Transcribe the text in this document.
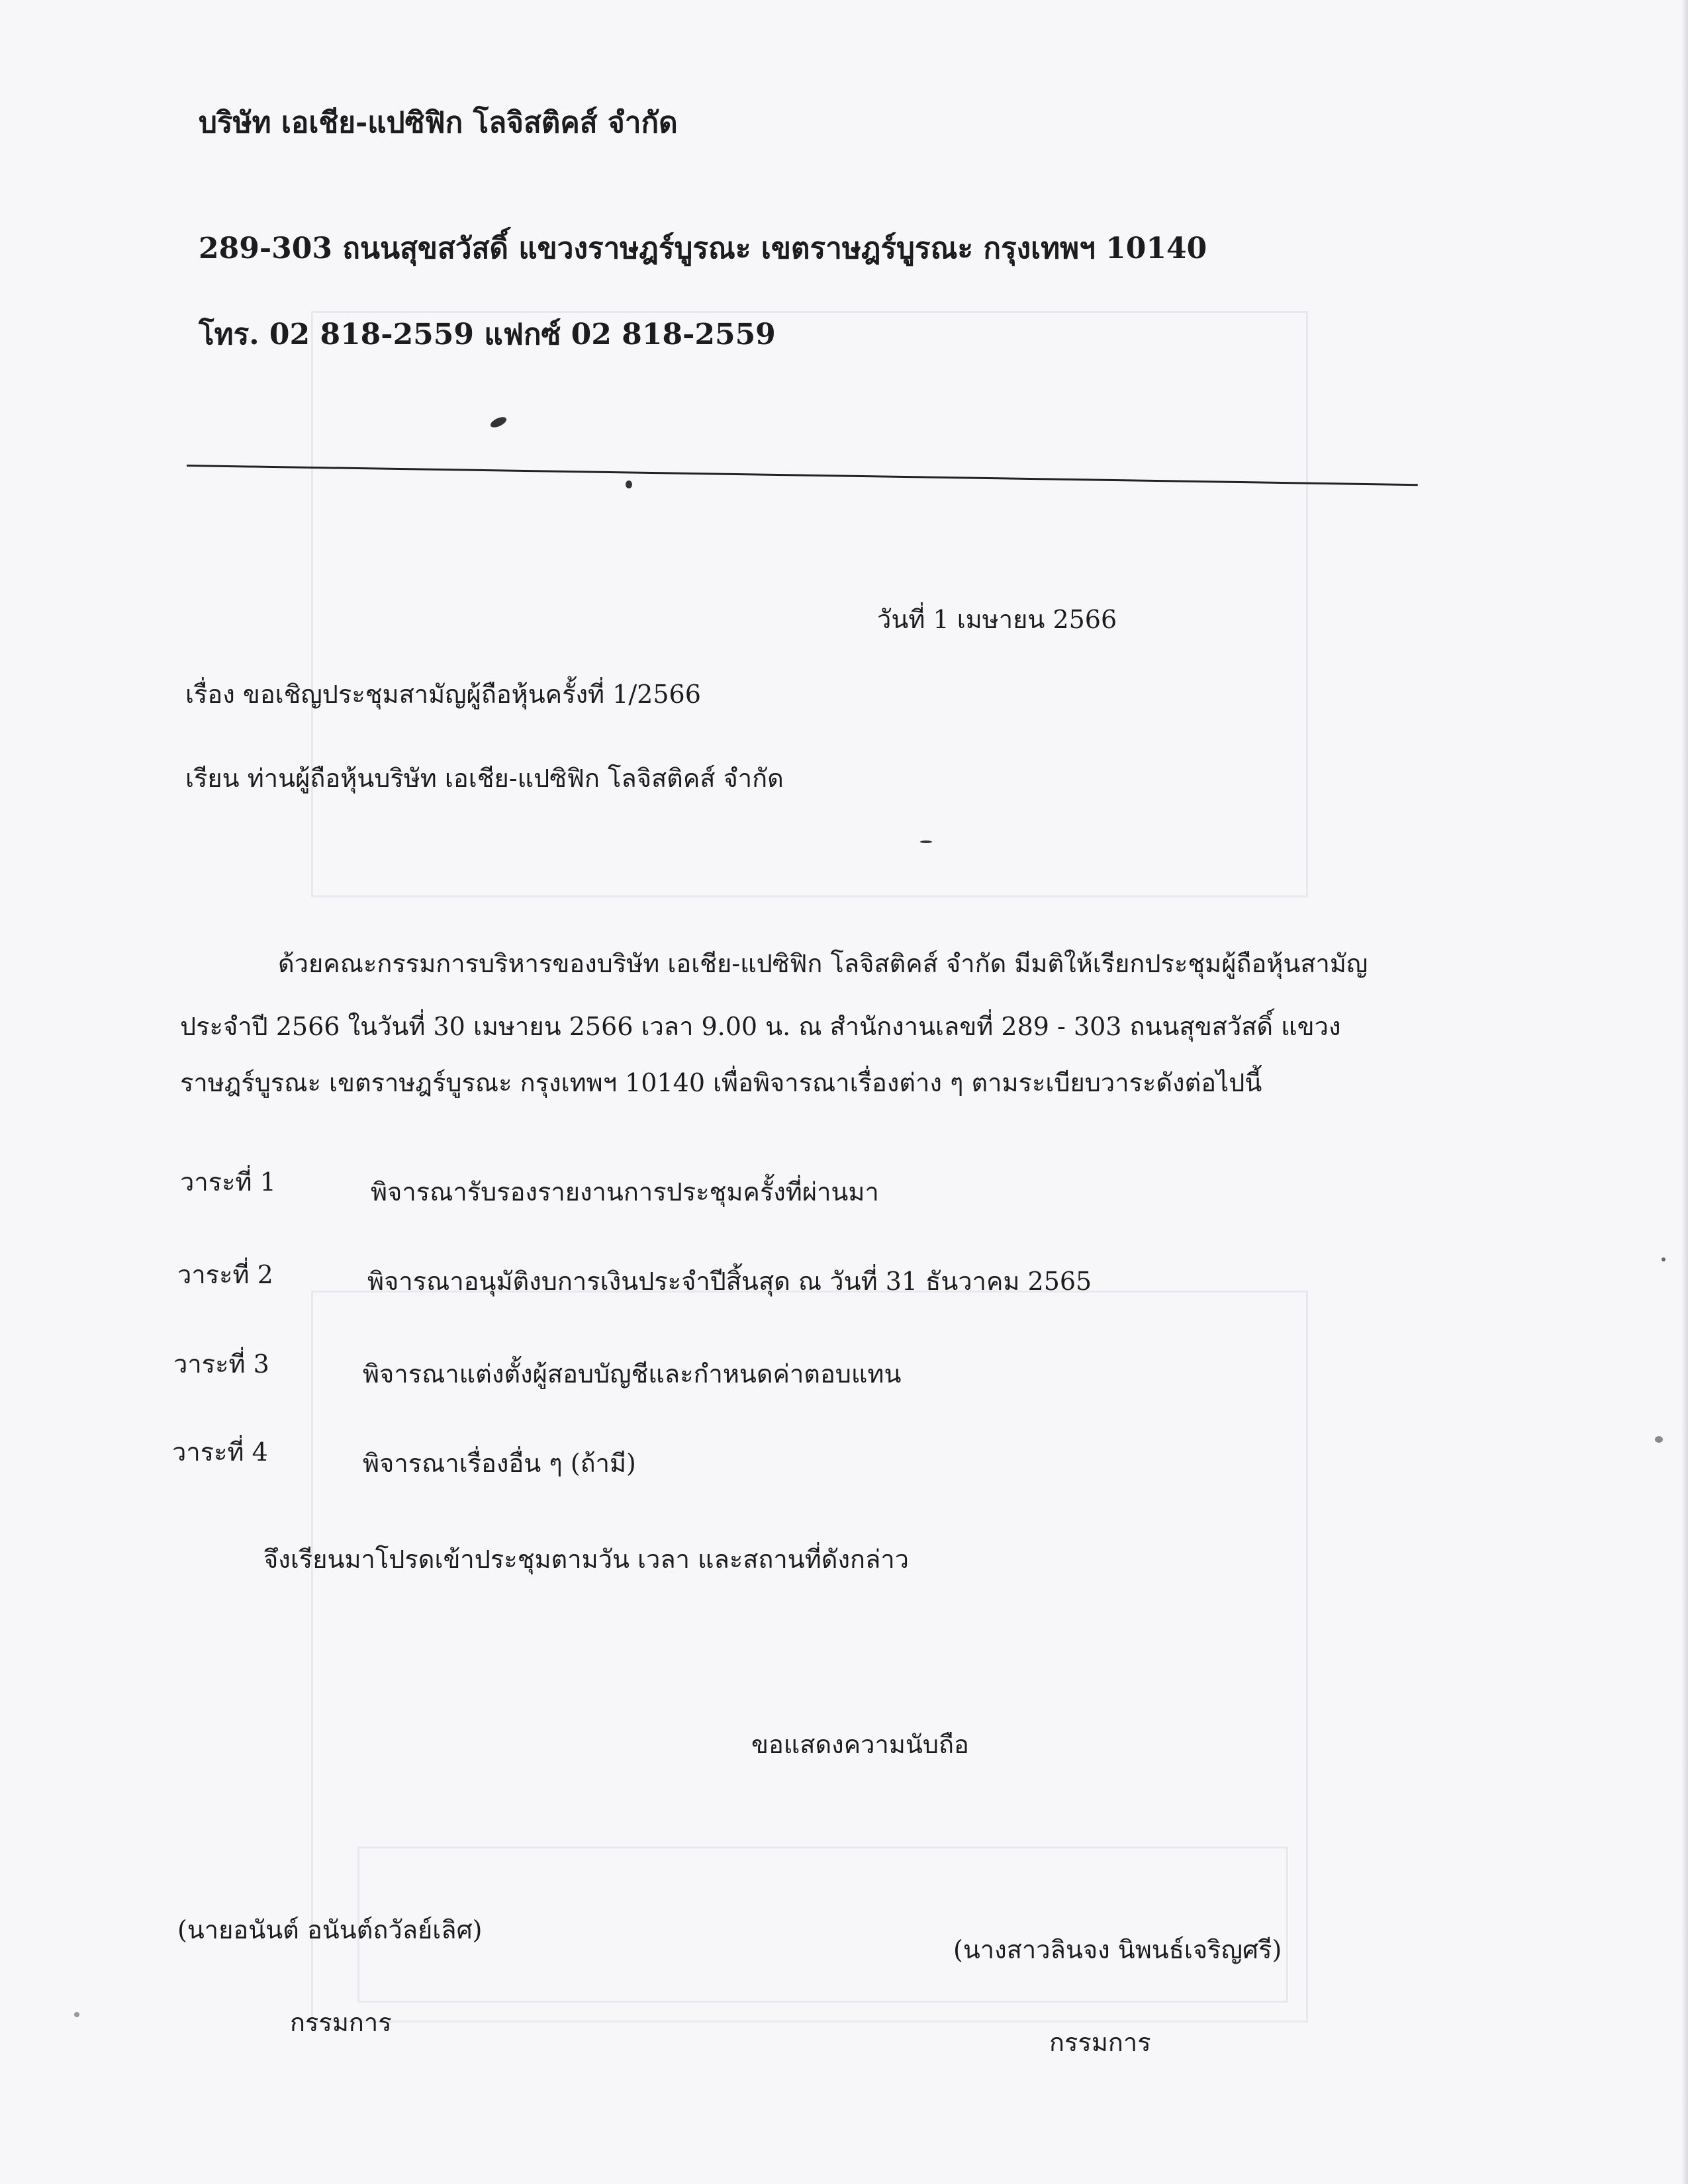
บริษัท เอเชีย-แปซิฟิก โลจิสติคส์ จำกัด
289-303 ถนนสุขสวัสดิ์ แขวงราษฎร์บูรณะ เขตราษฎร์บูรณะ กรุงเทพฯ 10140
โทร. 02 818-2559 แฟกซ์ 02 818-2559
วันที่ 1 เมษายน 2566
เรื่อง ขอเชิญประชุมสามัญผู้ถือหุ้นครั้งที่ 1/2566
เรียน ท่านผู้ถือหุ้นบริษัท เอเชีย-แปซิฟิก โลจิสติคส์ จำกัด
ด้วยคณะกรรมการบริหารของบริษัท เอเชีย-แปซิฟิก โลจิสติคส์ จำกัด มีมติให้เรียกประชุมผู้ถือหุ้นสามัญ
ประจำปี 2566 ในวันที่ 30 เมษายน 2566 เวลา 9.00 น. ณ สำนักงานเลขที่ 289 - 303 ถนนสุขสวัสดิ์ แขวง
ราษฎร์บูรณะ เขตราษฎร์บูรณะ กรุงเทพฯ 10140 เพื่อพิจารณาเรื่องต่าง ๆ ตามระเบียบวาระดังต่อไปนี้
วาระที่ 1	พิจารณารับรองรายงานการประชุมครั้งที่ผ่านมา
วาระที่ 2	พิจารณาอนุมัติงบการเงินประจำปีสิ้นสุด ณ วันที่ 31 ธันวาคม 2565
วาระที่ 3	พิจารณาแต่งตั้งผู้สอบบัญชีและกำหนดค่าตอบแทน
วาระที่ 4	พิจารณาเรื่องอื่น ๆ (ถ้ามี)
จึงเรียนมาโปรดเข้าประชุมตามวัน เวลา และสถานที่ดังกล่าว
ขอแสดงความนับถือ
(นายอนันต์ อนันต์ถวัลย์เลิศ)
กรรมการ
(นางสาวลินจง นิพนธ์เจริญศรี)
กรรมการ
